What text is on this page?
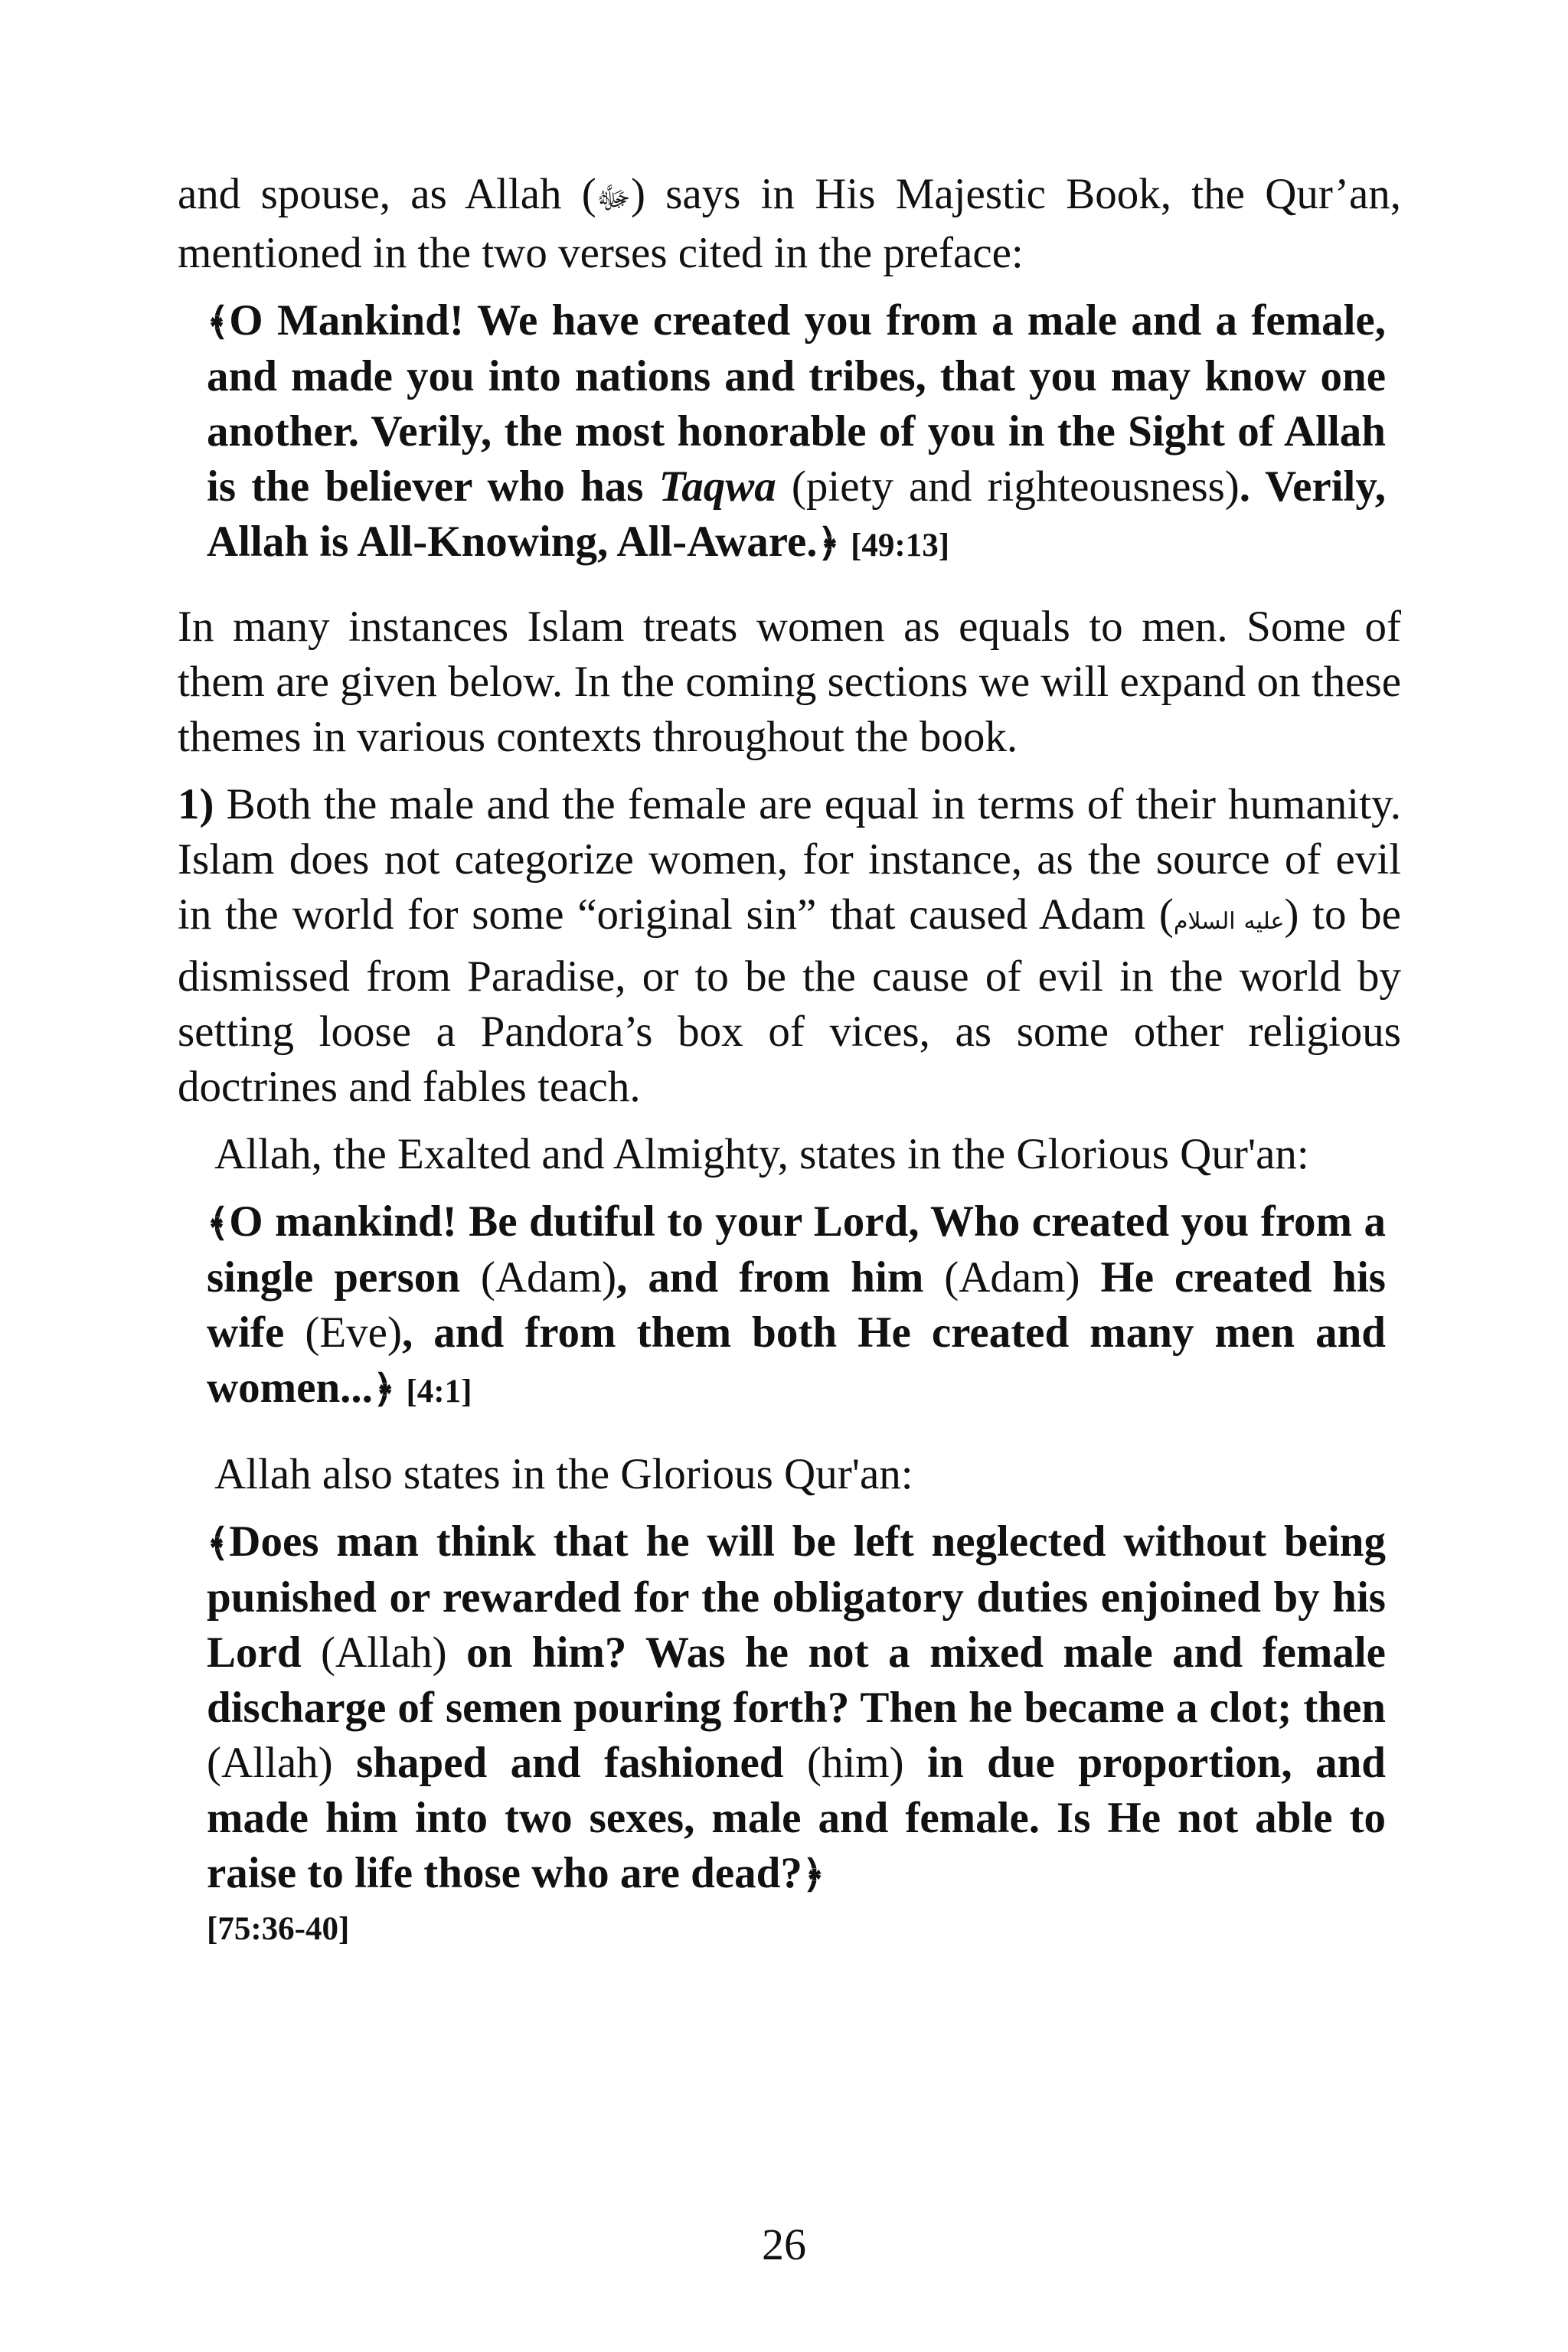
and spouse, as Allah (ﷻ) says in His Majestic Book, the Qur’an, mentioned in the two verses cited in the preface:

﴾O Mankind! We have created you from a male and a female, and made you into nations and tribes, that you may know one another. Verily, the most honorable of you in the Sight of Allah is the believer who has Taqwa (piety and righteousness). Verily, Allah is All-Knowing, All-Aware.﴿ [49:13]

In many instances Islam treats women as equals to men. Some of them are given below. In the coming sections we will expand on these themes in various contexts throughout the book.

1) Both the male and the female are equal in terms of their humanity. Islam does not categorize women, for instance, as the source of evil in the world for some “original sin” that caused Adam (عليه السلام) to be dismissed from Paradise, or to be the cause of evil in the world by setting loose a Pandora’s box of vices, as some other religious doctrines and fables teach.

Allah, the Exalted and Almighty, states in the Glorious Qur'an:

﴾O mankind! Be dutiful to your Lord, Who created you from a single person (Adam), and from him (Adam) He created his wife (Eve), and from them both He created many men and women...﴿ [4:1]

Allah also states in the Glorious Qur'an:

﴾Does man think that he will be left neglected without being punished or rewarded for the obligatory duties enjoined by his Lord (Allah) on him? Was he not a mixed male and female discharge of semen pouring forth? Then he became a clot; then (Allah) shaped and fashioned (him) in due proportion, and made him into two sexes, male and female. Is He not able to raise to life those who are dead?﴿
[75:36-40]

26
